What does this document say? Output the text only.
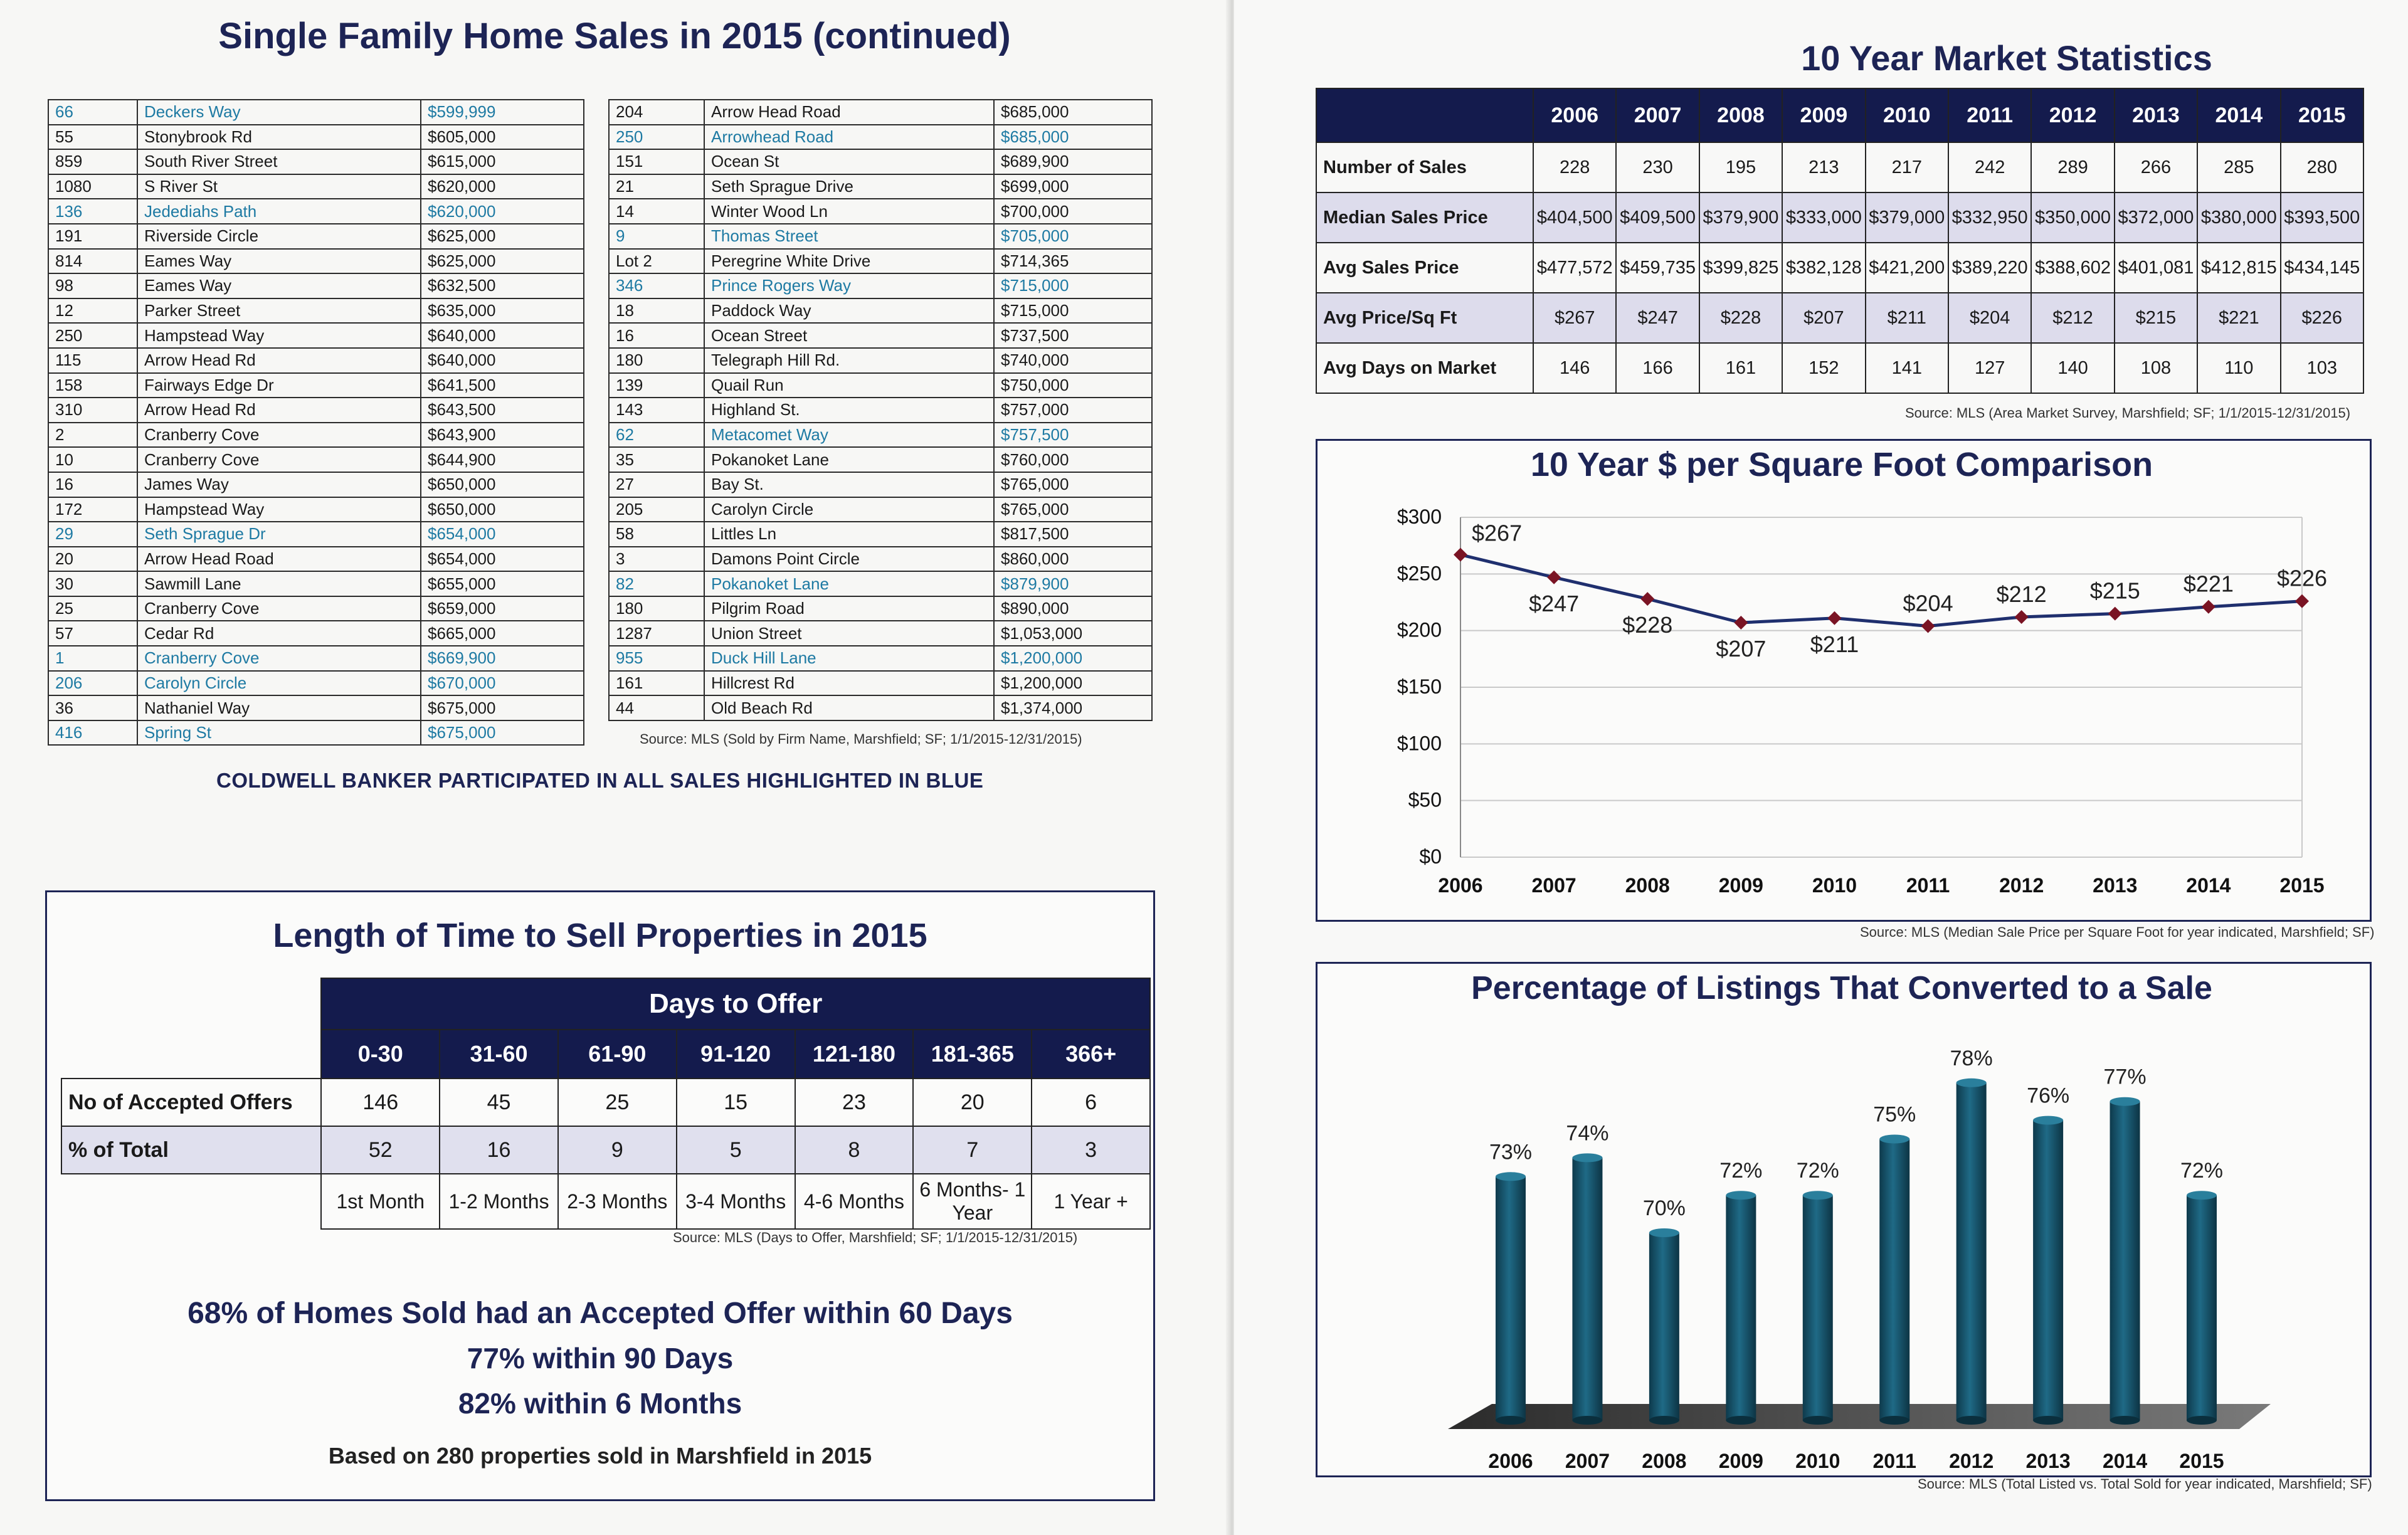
Single Family Home Sales in 2015 (continued)
66	Deckers Way	$599,999
55	Stonybrook Rd	$605,000
859	South River Street	$615,000
1080	S River St	$620,000
136	Jedediahs Path	$620,000
191	Riverside Circle	$625,000
814	Eames Way	$625,000
98	Eames Way	$632,500
12	Parker Street	$635,000
250	Hampstead Way	$640,000
115	Arrow Head Rd	$640,000
158	Fairways Edge Dr	$641,500
310	Arrow Head Rd	$643,500
2	Cranberry Cove	$643,900
10	Cranberry Cove	$644,900
16	James Way	$650,000
172	Hampstead Way	$650,000
29	Seth Sprague Dr	$654,000
20	Arrow Head Road	$654,000
30	Sawmill Lane	$655,000
25	Cranberry Cove	$659,000
57	Cedar Rd	$665,000
1	Cranberry Cove	$669,900
206	Carolyn Circle	$670,000
36	Nathaniel Way	$675,000
416	Spring St	$675,000
204	Arrow Head Road	$685,000
250	Arrowhead Road	$685,000
151	Ocean St	$689,900
21	Seth Sprague Drive	$699,000
14	Winter Wood Ln	$700,000
9	Thomas Street	$705,000
Lot 2	Peregrine White Drive	$714,365
346	Prince Rogers Way	$715,000
18	Paddock Way	$715,000
16	Ocean Street	$737,500
180	Telegraph Hill Rd.	$740,000
139	Quail Run	$750,000
143	Highland St.	$757,000
62	Metacomet Way	$757,500
35	Pokanoket Lane	$760,000
27	Bay St.	$765,000
205	Carolyn Circle	$765,000
58	Littles Ln	$817,500
3	Damons Point Circle	$860,000
82	Pokanoket Lane	$879,900
180	Pilgrim Road	$890,000
1287	Union Street	$1,053,000
955	Duck Hill Lane	$1,200,000
161	Hillcrest Rd	$1,200,000
44	Old Beach Rd	$1,374,000
Source: MLS (Sold by Firm Name, Marshfield; SF; 1/1/2015-12/31/2015)
COLDWELL BANKER PARTICIPATED IN ALL SALES HIGHLIGHTED IN BLUE
Length of Time to Sell Properties in 2015
	Days to Offer						
	0-30	31-60	61-90	91-120	121-180	181-365	366+
No of Accepted Offers	146	45	25	15	23	20	6
% of Total	52	16	9	5	8	7	3
	1st Month	1-2 Months	2-3 Months	3-4 Months	4-6 Months	6 Months- 1 Year	1 Year +
Source: MLS (Days to Offer, Marshfield; SF; 1/1/2015-12/31/2015)
68% of Homes Sold had an Accepted Offer within 60 Days
77% within 90 Days
82% within 6 Months
Based on 280 properties sold in Marshfield in 2015
10 Year Market Statistics
	2006	2007	2008	2009	2010	2011	2012	2013	2014	2015
Number of Sales	228	230	195	213	217	242	289	266	285	280
Median Sales Price	$404,500	$409,500	$379,900	$333,000	$379,000	$332,950	$350,000	$372,000	$380,000	$393,500
Avg Sales Price	$477,572	$459,735	$399,825	$382,128	$421,200	$389,220	$388,602	$401,081	$412,815	$434,145
Avg Price/Sq Ft	$267	$247	$228	$207	$211	$204	$212	$215	$221	$226
Avg Days on Market	146	166	161	152	141	127	140	108	110	103
Source: MLS (Area Market Survey, Marshfield; SF; 1/1/2015-12/31/2015)
10 Year $ per Square Foot Comparison
$0
$50
$100
$150
$200
$250
$300
2006 2007 2008 2009 2010 2011 2012 2013 2014 2015
$267
$247
$228
$207 $211
$204 $212 $215 $221 $226
Source: MLS (Median Sale Price per Square Foot for year indicated, Marshfield; SF)
Percentage of Listings That Converted to a Sale
73%
2006
74%
2007
70%
2008
72%
2009
72%
2010
75%
2011
78%
2012
76%
2013
77%
2014
72%
2015
Source: MLS (Total Listed vs. Total Sold for year indicated, Marshfield; SF)
